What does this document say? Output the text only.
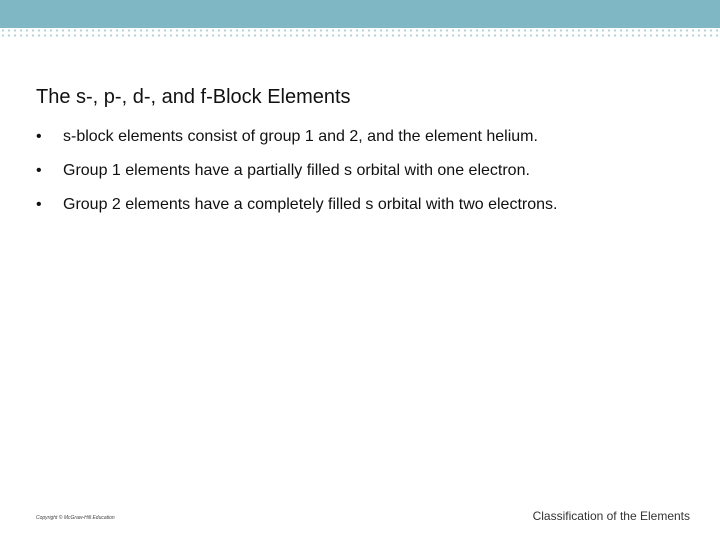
The s-, p-, d-, and f-Block Elements
•	s-block elements consist of group 1 and 2, and the element helium.
•	Group 1 elements have a partially filled s orbital with one electron.
•	Group 2 elements have a completely filled s orbital with two electrons.
Copyright © McGraw-Hill Education	Classification of the Elements
